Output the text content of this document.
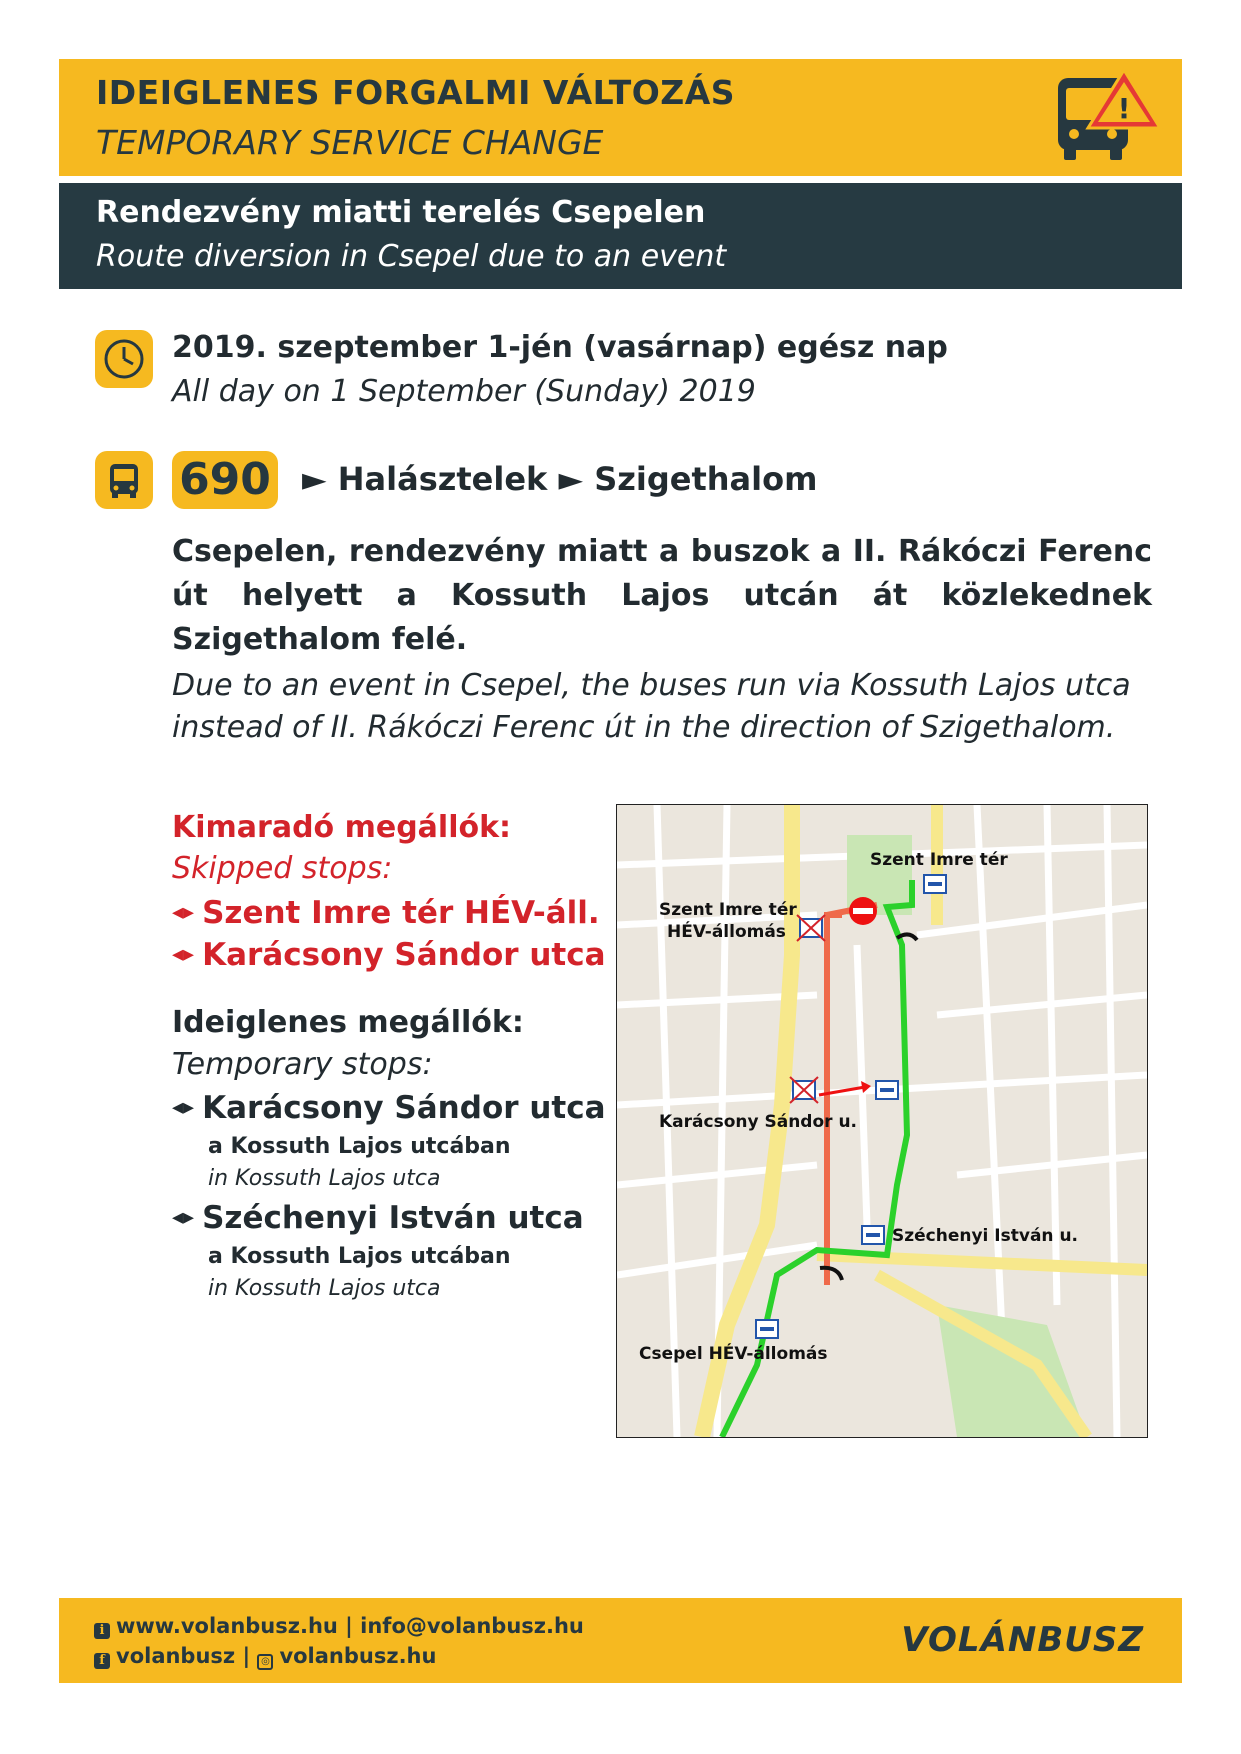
IDEIGLENES FORGALMI VÁLTOZÁS
TEMPORARY SERVICE CHANGE
!
Rendezvény miatti terelés Csepelen
Route diversion in Csepel due to an event
2019. szeptember 1-jén (vasárnap) egész nap
All day on 1 September (Sunday) 2019
690 ► Halásztelek ► Szigethalom
Csepelen, rendezvény miatt a buszok a II. Rákóczi Ferenc út helyett a Kossuth Lajos utcán át közlekednek Szigethalom felé.
Due to an event in Csepel, the buses run via Kossuth Lajos utca instead of II. Rákóczi Ferenc út in the direction of Szigethalom.
Kimaradó megállók:
Skipped stops:
◂▸ Szent Imre tér HÉV-áll.
◂▸ Karácsony Sándor utca
Ideiglenes megállók:
Temporary stops:
◂▸ Karácsony Sándor utca
a Kossuth Lajos utcában
in Kossuth Lajos utca
◂▸ Széchenyi István utca
a Kossuth Lajos utcában
in Kossuth Lajos utca
Szent Imre tér
Szent Imre tér
HÉV-állomás
Karácsony Sándor u.
Széchenyi István u.
Csepel HÉV-állomás
i www.volanbusz.hu | info@volanbusz.hu
f volanbusz | ◎ volanbusz.hu	VOLÁNBUSZ
